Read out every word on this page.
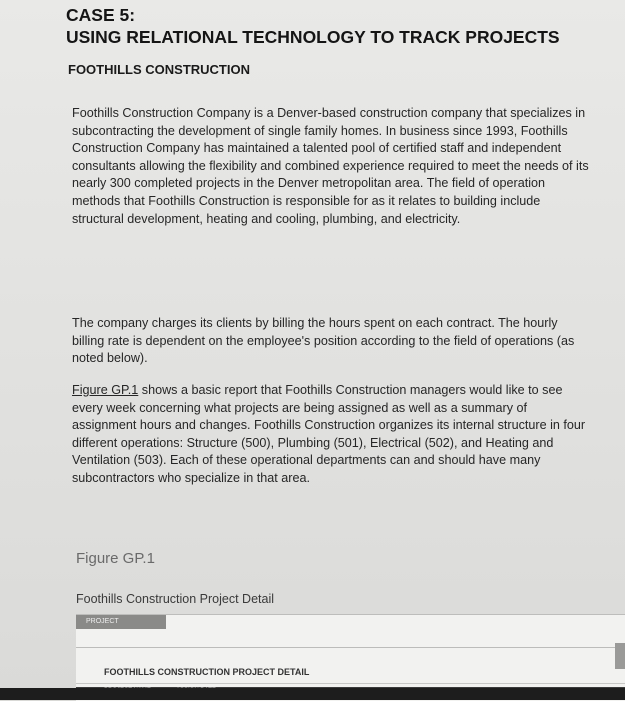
CASE 5:
USING RELATIONAL TECHNOLOGY TO TRACK PROJECTS
FOOTHILLS CONSTRUCTION
Foothills Construction Company is a Denver-based construction company that specializes in subcontracting the development of single family homes. In business since 1993, Foothills Construction Company has maintained a talented pool of certified staff and independent consultants allowing the flexibility and combined experience required to meet the needs of its nearly 300 completed projects in the Denver metropolitan area. The field of operation methods that Foothills Construction is responsible for as it relates to building include structural development, heating and cooling, plumbing, and electricity.
The company charges its clients by billing the hours spent on each contract. The hourly billing rate is dependent on the employee's position according to the field of operations (as noted below).
Figure GP.1 shows a basic report that Foothills Construction managers would like to see every week concerning what projects are being assigned as well as a summary of assignment hours and changes. Foothills Construction organizes its internal structure in four different operations: Structure (500), Plumbing (501), Electrical (502), and Heating and Ventilation (503). Each of these operational departments can and should have many subcontractors who specialize in that area.
Figure GP.1
Foothills Construction Project Detail
PROJECT
FOOTHILLS CONSTRUCTION PROJECT DETAIL
